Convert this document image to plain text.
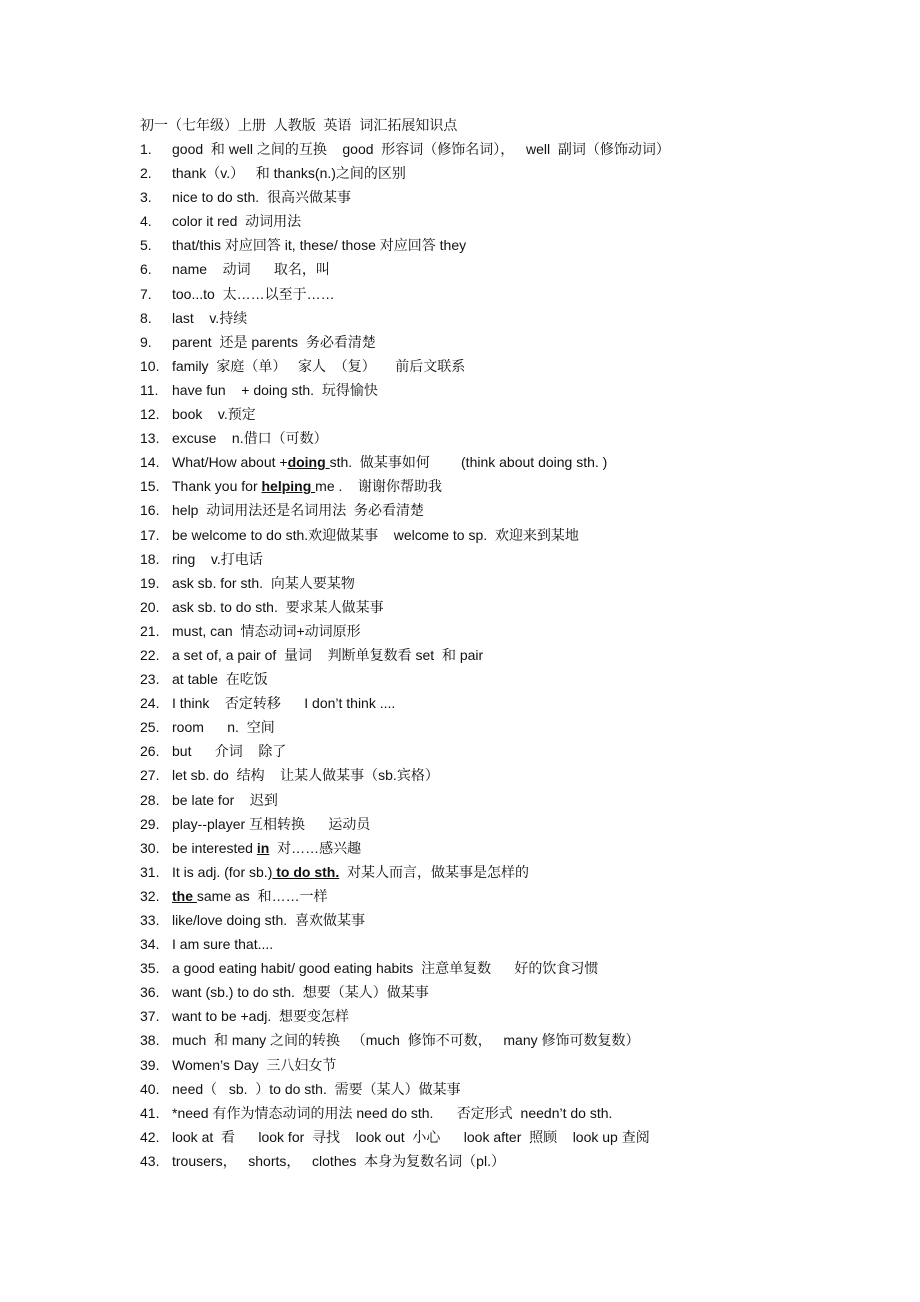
初一（七年级）上册  人教版  英语  词汇拓展知识点
1. good  和 well 之间的互换    good  形容词（修饰名词），   well  副词（修饰动词）
2. thank（v.）   和 thanks(n.)之间的区别
3. nice to do sth.  很高兴做某事
4. color it red  动词用法
5. that/this 对应回答 it, these/ those 对应回答 they
6. name    动词      取名，叫
7. too...to  太……以至于……
8. last    v.持续
9. parent  还是 parents  务必看清楚
10. family  家庭（单）   家人  （复）     前后文联系
11. have fun    + doing sth.  玩得愉快
12. book    v.预定
13. excuse    n.借口（可数）
14. What/How about +doing sth.  做某事如何        (think about doing sth. )
15. Thank you for helping me .    谢谢你帮助我
16. help  动词用法还是名词用法  务必看清楚
17. be welcome to do sth.欢迎做某事    welcome to sp.  欢迎来到某地
18. ring    v.打电话
19. ask sb. for sth.  向某人要某物
20. ask sb. to do sth.  要求某人做某事
21. must, can  情态动词+动词原形
22. a set of, a pair of  量词    判断单复数看 set  和 pair
23. at table  在吃饭
24. I think    否定转移      I don’t think ....
25. room      n.  空间
26. but      介词    除了
27. let sb. do  结构    让某人做某事（sb.宾格）
28. be late for    迟到
29. play--player 互相转换      运动员
30. be interested in  对……感兴趣
31. It is adj. (for sb.) to do sth.  对某人而言，做某事是怎样的
32. the same as  和……一样
33. like/love doing sth.  喜欢做某事
34. I am sure that....
35. a good eating habit/ good eating habits  注意单复数      好的饮食习惯
36. want (sb.) to do sth.  想要（某人）做某事
37. want to be +adj.  想要变怎样
38. much  和 many 之间的转换   （much  修饰不可数，   many 修饰可数复数）
39. Women’s Day  三八妇女节
40. need（   sb.  ）to do sth.  需要（某人）做某事
41. *need 有作为情态动词的用法 need do sth.      否定形式  needn’t do sth.
42. look at  看      look for  寻找    look out  小心      look after  照顾    look up 查阅
43. trousers，   shorts，   clothes  本身为复数名词（pl.）
